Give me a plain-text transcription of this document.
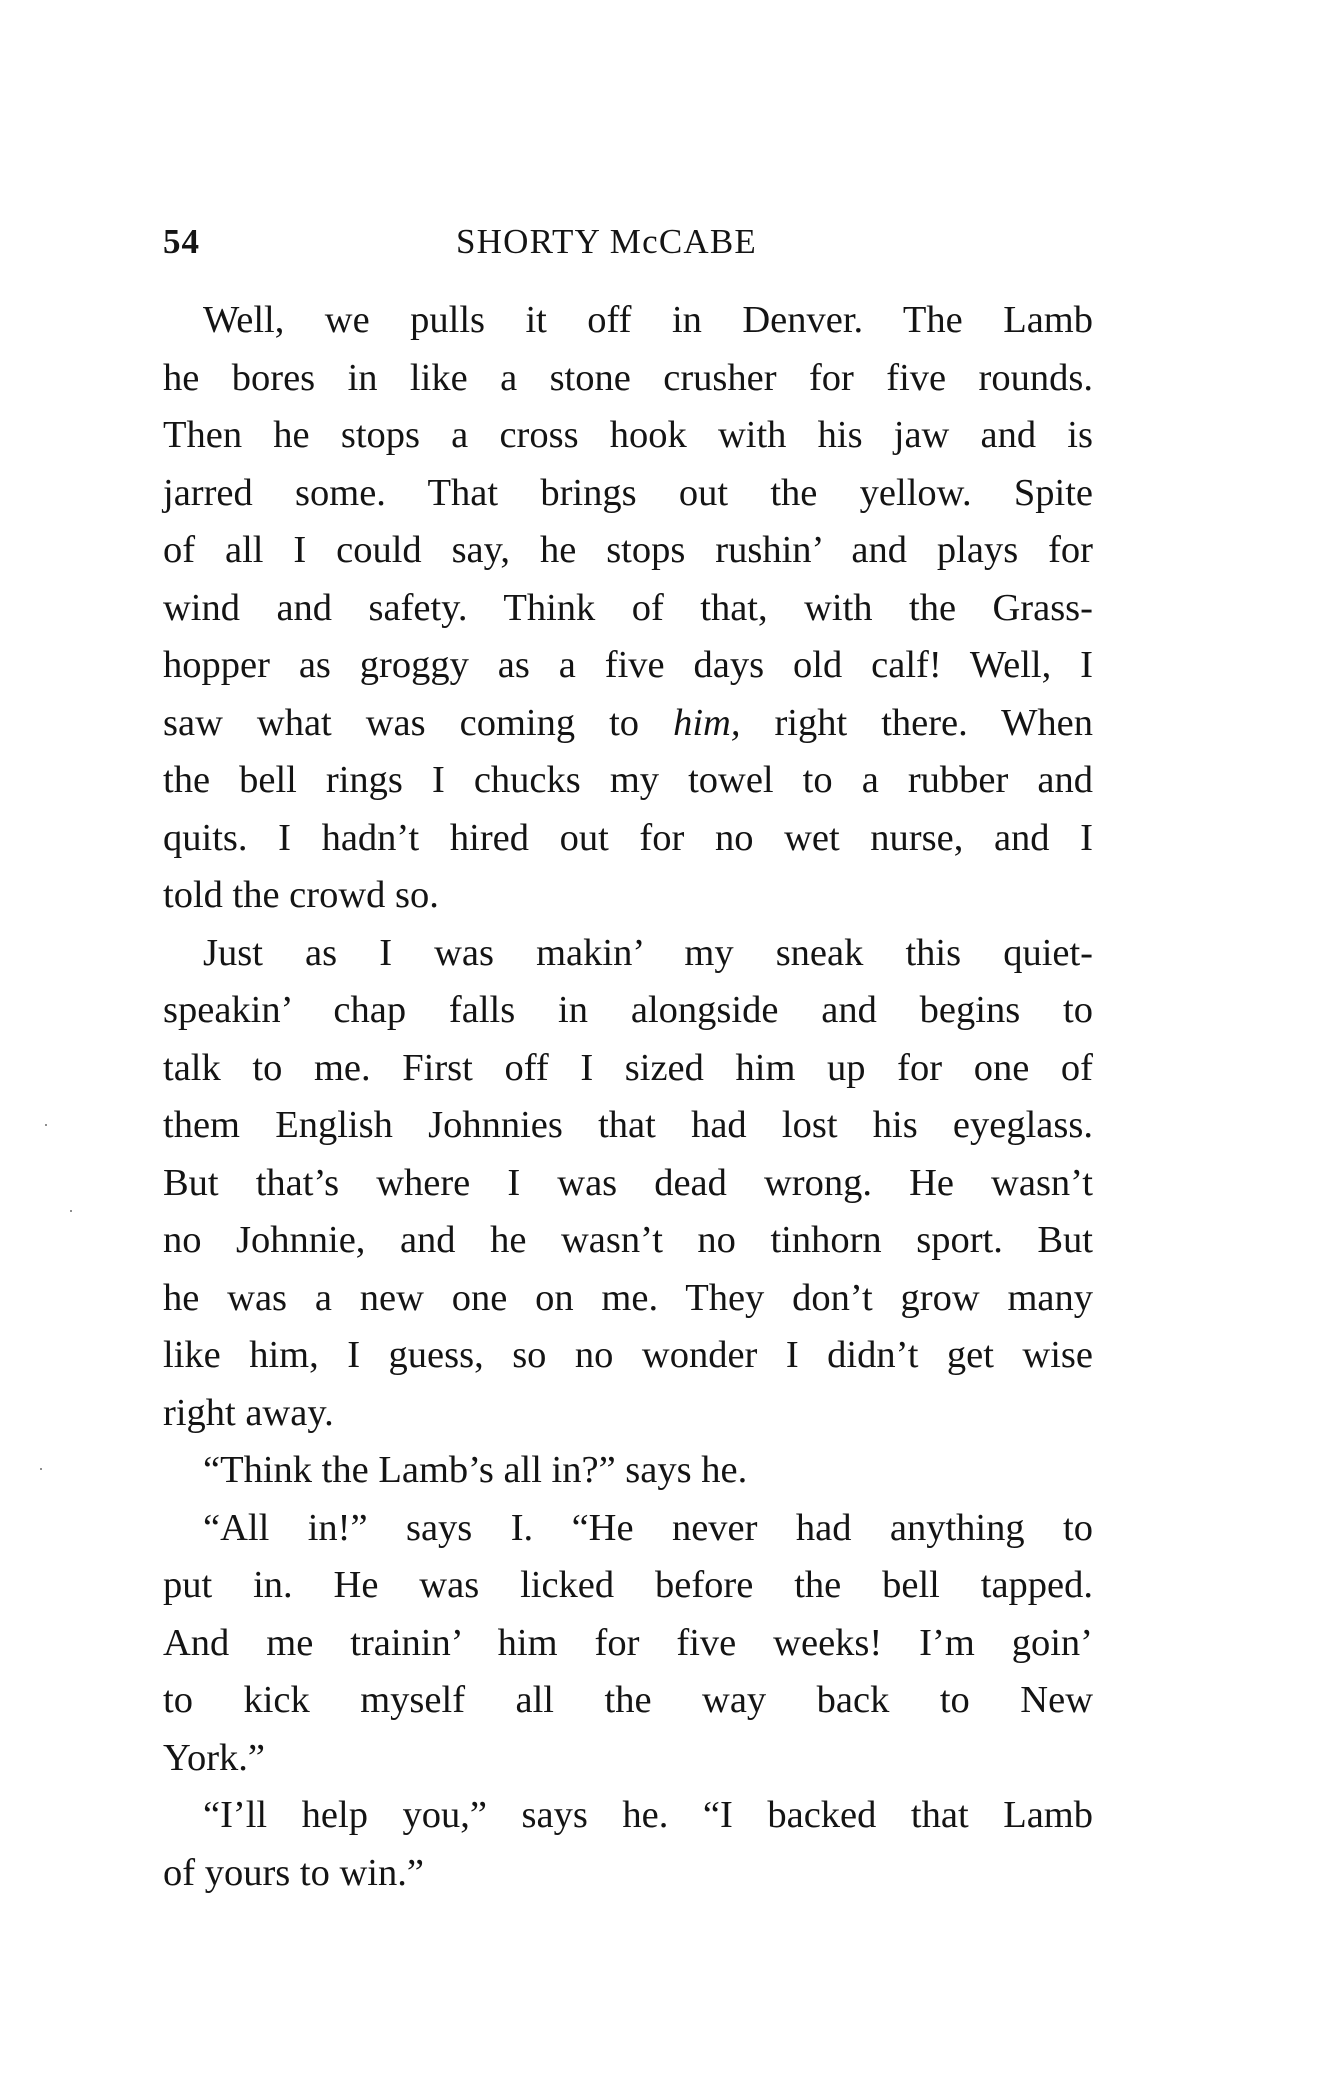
54	SHORTY McCABE
Well, we pulls it off in Denver. The Lamb
he bores in like a stone crusher for five rounds.
Then he stops a cross hook with his jaw and is
jarred some. That brings out the yellow. Spite
of all I could say, he stops rushin’ and plays for
wind and safety. Think of that, with the Grass-
hopper as groggy as a five days old calf! Well, I
saw what was coming to him, right there. When
the bell rings I chucks my towel to a rubber and
quits. I hadn’t hired out for no wet nurse, and I
told the crowd so.
Just as I was makin’ my sneak this quiet-
speakin’ chap falls in alongside and begins to
talk to me. First off I sized him up for one of
them English Johnnies that had lost his eyeglass.
But that’s where I was dead wrong. He wasn’t
no Johnnie, and he wasn’t no tinhorn sport. But
he was a new one on me. They don’t grow many
like him, I guess, so no wonder I didn’t get wise
right away.
“Think the Lamb’s all in?” says he.
“All in!” says I. “He never had anything to
put in. He was licked before the bell tapped.
And me trainin’ him for five weeks! I’m goin’
to kick myself all the way back to New
York.”
“I’ll help you,” says he. “I backed that Lamb
of yours to win.”
